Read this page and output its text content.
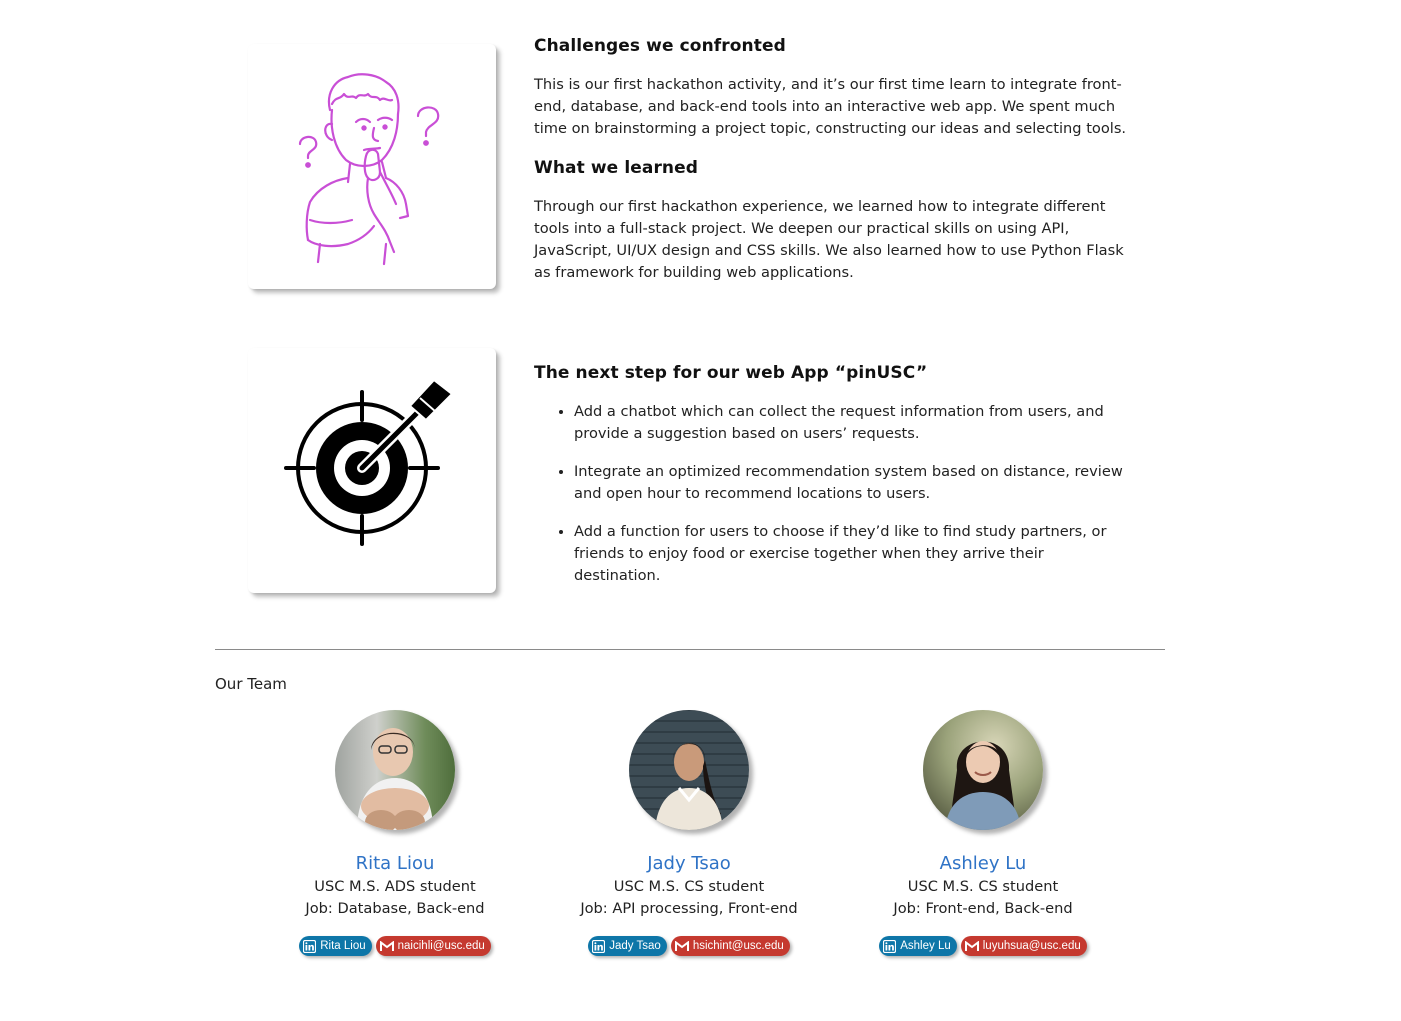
Challenges we confronted

This is our first hackathon activity, and it’s our first time learn to integrate front-end, database, and back-end tools into an interactive web app. We spent much time on brainstorming a project topic, constructing our ideas and selecting tools.

What we learned

Through our first hackathon experience, we learned how to integrate different tools into a full-stack project. We deepen our practical skills on using API, JavaScript, UI/UX design and CSS skills. We also learned how to use Python Flask as framework for building web applications.

The next step for our web App “pinUSC”
• Add a chatbot which can collect the request information from users, and provide a suggestion based on users’ requests.
• Integrate an optimized recommendation system based on distance, review and open hour to recommend locations to users.
• Add a function for users to choose if they’d like to find study partners, or friends to enjoy food or exercise together when they arrive their destination.
Our Team
Rita Liou
USC M.S. ADS student
Job: Database, Back-end
Rita Liou	naicihli@usc.edu
Jady Tsao
USC M.S. CS student
Job: API processing, Front-end
Jady Tsao	hsichint@usc.edu
Ashley Lu
USC M.S. CS student
Job: Front-end, Back-end
Ashley Lu	luyuhsua@usc.edu
